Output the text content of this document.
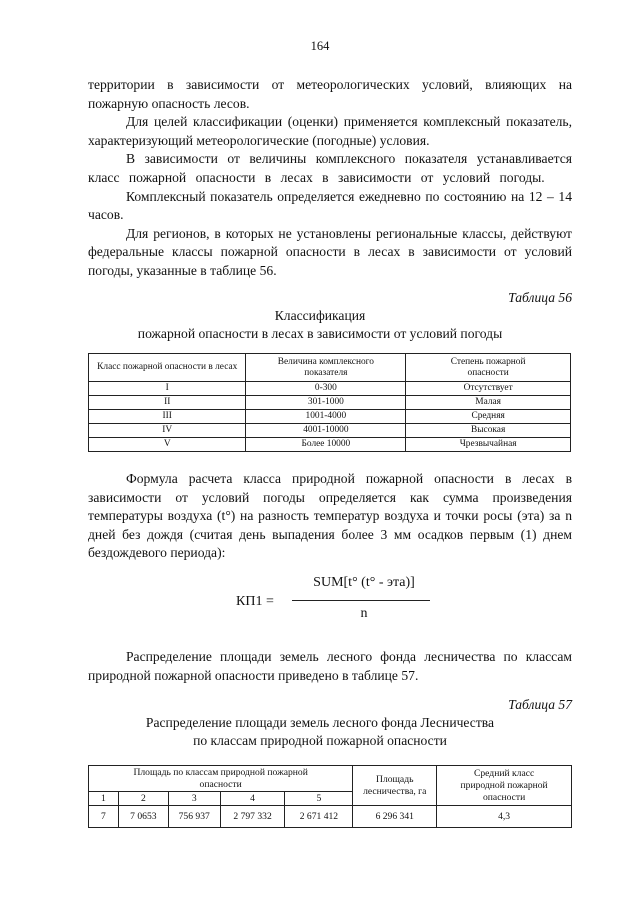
164

территории в зависимости от метеорологических условий, влияющих на пожарную опасность лесов.

Для целей классификации (оценки) применяется комплексный показатель, характеризующий метеорологические (погодные) условия.

В зависимости от величины комплексного показателя устанавливается класс пожарной опасности в лесах в зависимости от условий погоды.

Комплексный показатель определяется ежедневно по состоянию на 12 – 14 часов.

Для регионов, в которых не установлены региональные классы, действуют федеральные классы пожарной опасности в лесах в зависимости от условий погоды, указанные в таблице 56.

Таблица 56
Классификация
пожарной опасности в лесах в зависимости от условий погоды
Класс пожарной опасности в лесах	Величина комплексного показателя	Степень пожарной опасности
I	0-300	Отсутствует
II	301-1000	Малая
III	1001-4000	Средняя
IV	4001-10000	Высокая
V	Более 10000	Чрезвычайная

Формула расчета класса природной пожарной опасности в лесах в зависимости от условий погоды определяется как сумма произведения температуры воздуха (t°) на разность температур воздуха и точки росы (эта) за n дней без дождя (считая день выпадения более 3 мм осадков первым (1) днем бездождевого периода):

КП1 =
SUM[t° (t° - эта)]
n

Распределение площади земель лесного фонда лесничества по классам природной пожарной опасности приведено в таблице 57.

Таблица 57
Распределение площади земель лесного фонда Лесничества
по классам природной пожарной опасности
Площадь по классам природной пожарной опасности					Площадь лесничества, га	Средний класс природной пожарной опасности
1	2	3	4	5		
7	7 0653	756 937	2 797 332	2 671 412	6 296 341	4,3
